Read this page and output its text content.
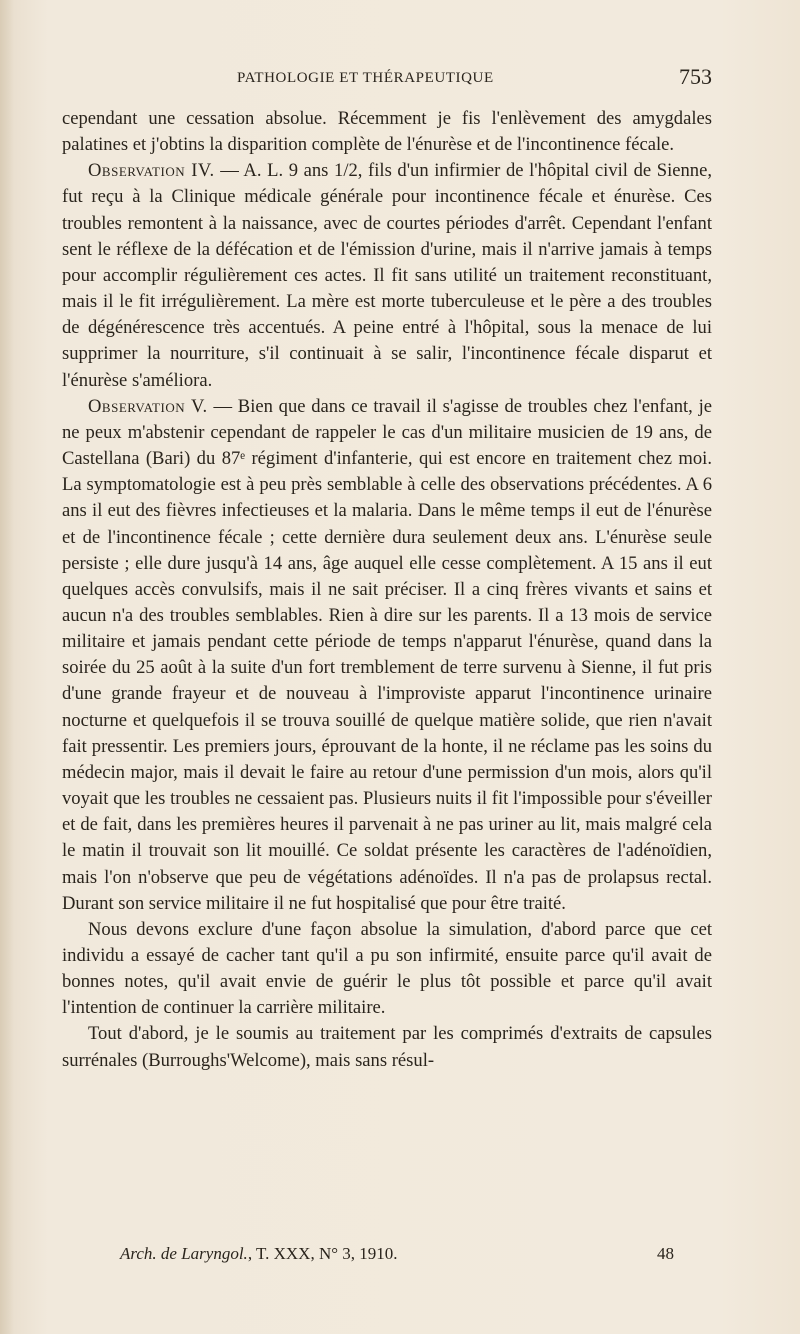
PATHOLOGIE ET THÉRAPEUTIQUE	753

cependant une cessation absolue. Récemment je fis l'enlèvement des amygdales palatines et j'obtins la disparition complète de l'énurèse et de l'incontinence fécale.

Observation IV. — A. L. 9 ans 1/2, fils d'un infirmier de l'hôpital civil de Sienne, fut reçu à la Clinique médicale générale pour incontinence fécale et énurèse. Ces troubles remontent à la naissance, avec de courtes périodes d'arrêt. Cependant l'enfant sent le réflexe de la défécation et de l'émission d'urine, mais il n'arrive jamais à temps pour accomplir régulièrement ces actes. Il fit sans utilité un traitement reconstituant, mais il le fit irrégulièrement. La mère est morte tuberculeuse et le père a des troubles de dégénérescence très accentués. A peine entré à l'hôpital, sous la menace de lui supprimer la nourriture, s'il continuait à se salir, l'incontinence fécale disparut et l'énurèse s'améliora.

Observation V. — Bien que dans ce travail il s'agisse de troubles chez l'enfant, je ne peux m'abstenir cependant de rappeler le cas d'un militaire musicien de 19 ans, de Castellana (Bari) du 87ᵉ régiment d'infanterie, qui est encore en traitement chez moi. La symptomatologie est à peu près semblable à celle des observations précédentes. A 6 ans il eut des fièvres infectieuses et la malaria. Dans le même temps il eut de l'énurèse et de l'incontinence fécale ; cette dernière dura seulement deux ans. L'énurèse seule persiste ; elle dure jusqu'à 14 ans, âge auquel elle cesse complètement. A 15 ans il eut quelques accès convulsifs, mais il ne sait préciser. Il a cinq frères vivants et sains et aucun n'a des troubles semblables. Rien à dire sur les parents. Il a 13 mois de service militaire et jamais pendant cette période de temps n'apparut l'énurèse, quand dans la soirée du 25 août à la suite d'un fort tremblement de terre survenu à Sienne, il fut pris d'une grande frayeur et de nouveau à l'improviste apparut l'incontinence urinaire nocturne et quelquefois il se trouva souillé de quelque matière solide, que rien n'avait fait pressentir. Les premiers jours, éprouvant de la honte, il ne réclame pas les soins du médecin major, mais il devait le faire au retour d'une permission d'un mois, alors qu'il voyait que les troubles ne cessaient pas. Plusieurs nuits il fit l'impossible pour s'éveiller et de fait, dans les premières heures il parvenait à ne pas uriner au lit, mais malgré cela le matin il trouvait son lit mouillé. Ce soldat présente les caractères de l'adénoïdien, mais l'on n'observe que peu de végétations adénoïdes. Il n'a pas de prolapsus rectal. Durant son service militaire il ne fut hospitalisé que pour être traité.

Nous devons exclure d'une façon absolue la simulation, d'abord parce que cet individu a essayé de cacher tant qu'il a pu son infirmité, ensuite parce qu'il avait de bonnes notes, qu'il avait envie de guérir le plus tôt possible et parce qu'il avait l'intention de continuer la carrière militaire.

Tout d'abord, je le soumis au traitement par les comprimés d'extraits de capsules surrénales (Burroughs'Welcome), mais sans résul-

Arch. de Laryngol., T. XXX, N° 3, 1910.	48
